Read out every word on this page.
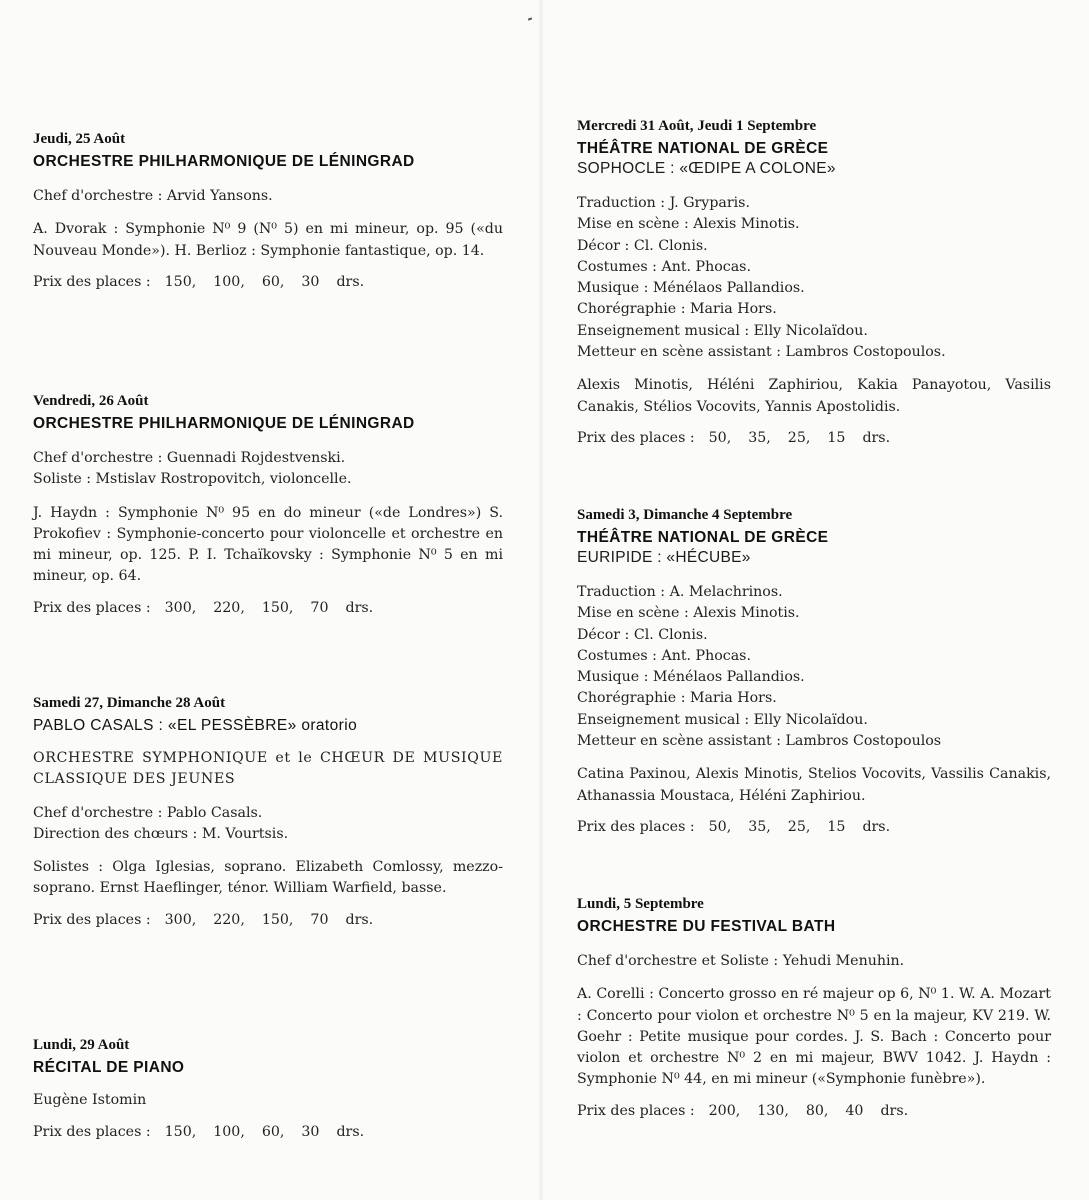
Jeudi, 25 Août
ORCHESTRE PHILHARMONIQUE DE LÉNINGRAD

Chef d'orchestre : Arvid Yansons.

A. Dvorak : Symphonie N⁰ 9 (N⁰ 5) en mi mineur, op. 95 («du Nouveau Monde»). H. Berlioz : Symphonie fantastique, op. 14.

Prix des places : 150, 100, 60, 30 drs.
Vendredi, 26 Août
ORCHESTRE PHILHARMONIQUE DE LÉNINGRAD

Chef d'orchestre : Guennadi Rojdestvenski.

Soliste : Mstislav Rostropovitch, violoncelle.

J. Haydn : Symphonie N⁰ 95 en do mineur («de Londres») S. Prokofiev : Symphonie-concerto pour violoncelle et orchestre en mi mineur, op. 125. P. I. Tchaïkovsky : Symphonie N⁰ 5 en mi mineur, op. 64.

Prix des places : 300, 220, 150, 70 drs.
Samedi 27, Dimanche 28 Août
PABLO CASALS : «EL PESSÈBRE» oratorio

ORCHESTRE SYMPHONIQUE et le CHŒUR DE MUSIQUE CLASSIQUE DES JEUNES

Chef d'orchestre : Pablo Casals.

Direction des chœurs : M. Vourtsis.

Solistes : Olga Iglesias, soprano. Elizabeth Comlossy, mezzo-soprano. Ernst Haeflinger, ténor. William Warfield, basse.

Prix des places : 300, 220, 150, 70 drs.
Lundi, 29 Août
RÉCITAL DE PIANO

Eugène Istomin

Prix des places : 150, 100, 60, 30 drs.
Mercredi 31 Août, Jeudi 1 Septembre
THÉÂTRE NATIONAL DE GRÈCE
SOPHOCLE : «ŒDIPE A COLONE»
Traduction : J. Gryparis.
Mise en scène : Alexis Minotis.
Décor : Cl. Clonis.
Costumes : Ant. Phocas.
Musique : Ménélaos Pallandios.
Chorégraphie : Maria Hors.
Enseignement musical : Elly Nicolaïdou.
Metteur en scène assistant : Lambros Costopoulos.

Alexis Minotis, Héléni Zaphiriou, Kakia Panayotou, Vasilis Canakis, Stélios Vocovits, Yannis Apostolidis.

Prix des places : 50, 35, 25, 15 drs.
Samedi 3, Dimanche 4 Septembre
THÉÂTRE NATIONAL DE GRÈCE
EURIPIDE : «HÉCUBE»
Traduction : A. Melachrinos.
Mise en scène : Alexis Minotis.
Décor : Cl. Clonis.
Costumes : Ant. Phocas.
Musique : Ménélaos Pallandios.
Chorégraphie : Maria Hors.
Enseignement musical : Elly Nicolaïdou.
Metteur en scène assistant : Lambros Costopoulos

Catina Paxinou, Alexis Minotis, Stelios Vocovits, Vassilis Canakis, Athanassia Moustaca, Héléni Zaphiriou.

Prix des places : 50, 35, 25, 15 drs.
Lundi, 5 Septembre
ORCHESTRE DU FESTIVAL BATH

Chef d'orchestre et Soliste : Yehudi Menuhin.

A. Corelli : Concerto grosso en ré majeur op 6, N⁰ 1. W. A. Mozart : Concerto pour violon et orchestre N⁰ 5 en la majeur, KV 219. W. Goehr : Petite musique pour cordes. J. S. Bach : Concerto pour violon et orchestre N⁰ 2 en mi majeur, BWV 1042. J. Haydn : Symphonie N⁰ 44, en mi mineur («Symphonie funèbre»).

Prix des places : 200, 130, 80, 40 drs.
